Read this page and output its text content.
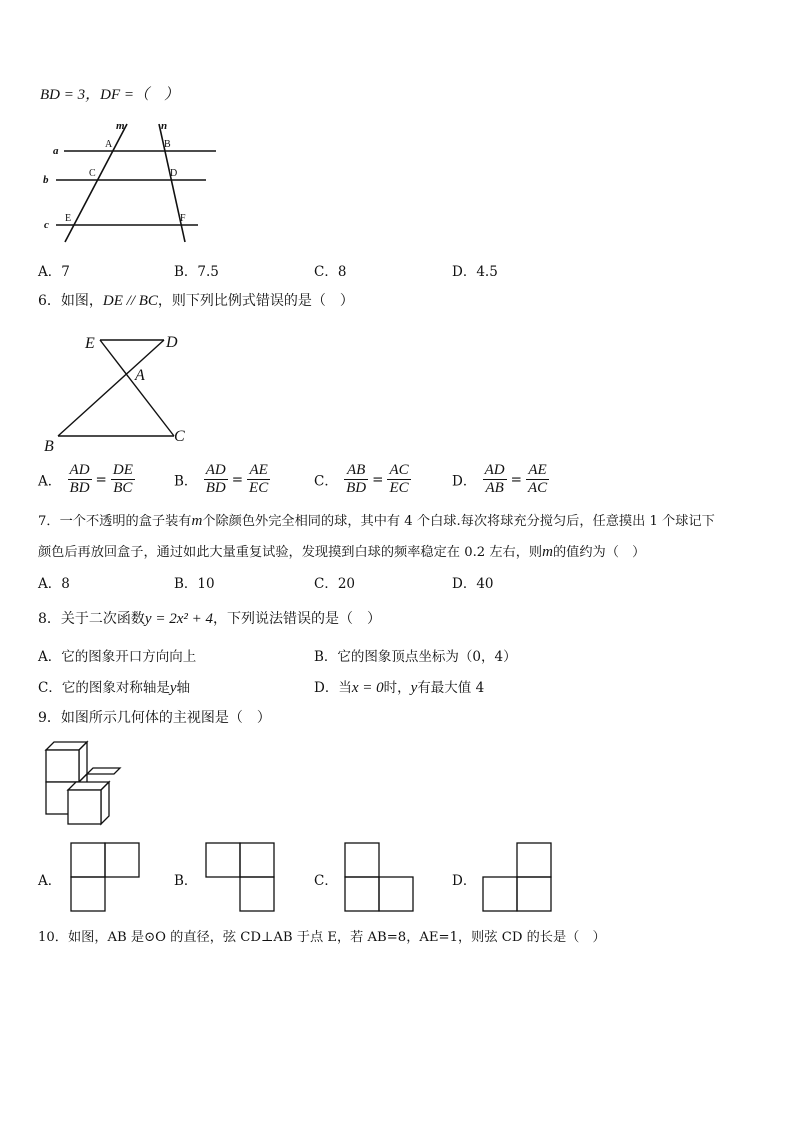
BD = 3，DF =（　）
m	n
a
b
c
A	B
C	D
E	F
A．7	B．7.5	C．8	D．4.5
6．如图，DE // BC，则下列比例式错误的是（　）
E	D
A
B
C
A． $\frac{AD}{BD} = \frac{DE}{BC}$	B． $\frac{AD}{BD} = \frac{AE}{EC}$	C． $\frac{AB}{BD} = \frac{AC}{EC}$	D． $\frac{AD}{AB} = \frac{AE}{AC}$
7．一个不透明的盒子装有m个除颜色外完全相同的球，其中有 4 个白球.每次将球充分搅匀后，任意摸出 1 个球记下
颜色后再放回盒子，通过如此大量重复试验，发现摸到白球的频率稳定在 0.2 左右，则m的值约为（　）
A．8	B．10	C．20	D．40
8．关于二次函数y = 2x² + 4，下列说法错误的是（　）
A．它的图象开口方向向上	B．它的图象顶点坐标为（0，4）
C．它的图象对称轴是y轴	D．当x = 0时，y有最大值 4
9．如图所示几何体的主视图是（　）
A．	B．	C．	D．
10．如图，AB 是⊙O 的直径，弦 CD⊥AB 于点 E，若 AB=8，AE=1，则弦 CD 的长是（　）
